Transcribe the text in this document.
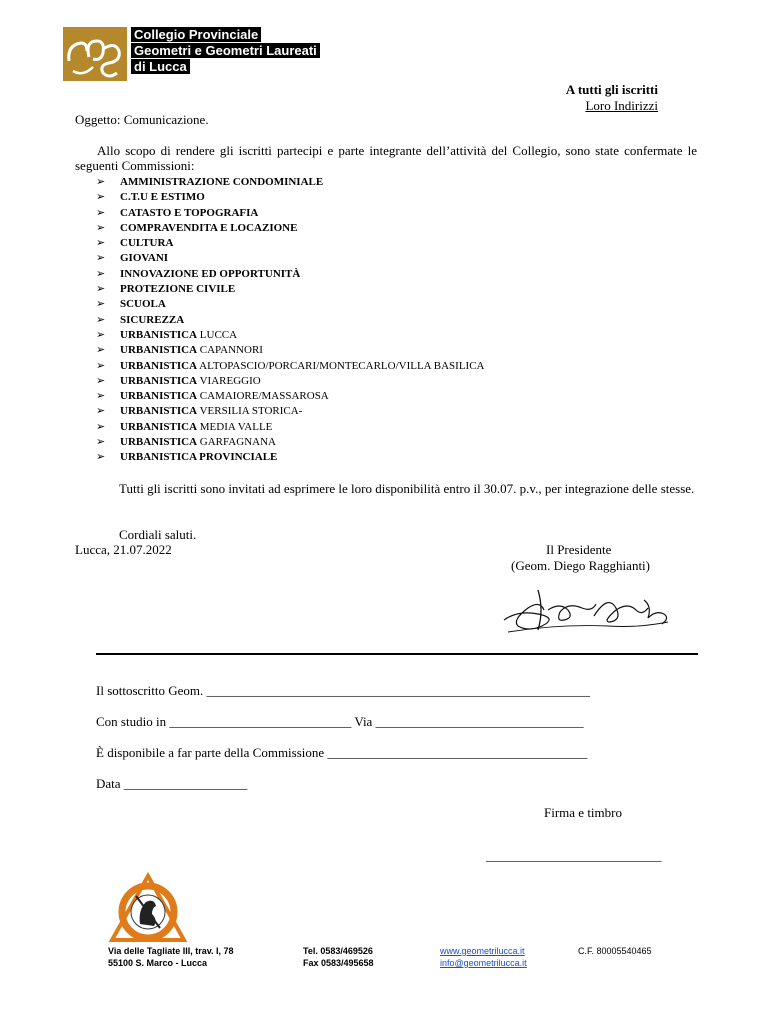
Collegio Provinciale
Geometri e Geometri Laureati
di Lucca
A tutti gli iscritti
Loro Indirizzi
Oggetto: Comunicazione.
Allo scopo di rendere gli iscritti partecipi e parte integrante dell’attività del Collegio, sono state confermate le seguenti Commissioni:
➢ AMMINISTRAZIONE CONDOMINIALE
➢ C.T.U E ESTIMO
➢ CATASTO E TOPOGRAFIA
➢ COMPRAVENDITA E LOCAZIONE
➢ CULTURA
➢ GIOVANI
➢ INNOVAZIONE ED OPPORTUNITÀ
➢ PROTEZIONE CIVILE
➢ SCUOLA
➢ SICUREZZA
➢ URBANISTICA LUCCA
➢ URBANISTICA CAPANNORI
➢ URBANISTICA ALTOPASCIO/PORCARI/MONTECARLO/VILLA BASILICA
➢ URBANISTICA VIAREGGIO
➢ URBANISTICA CAMAIORE/MASSAROSA
➢ URBANISTICA VERSILIA STORICA-
➢ URBANISTICA MEDIA VALLE
➢ URBANISTICA GARFAGNANA
➢ URBANISTICA PROVINCIALE
Tutti gli iscritti sono invitati ad esprimere le loro disponibilità entro il 30.07. p.v., per integrazione delle stesse.
Cordiali saluti.
Lucca, 21.07.2022	Il Presidente
(Geom. Diego Ragghianti)
Il sottoscritto Geom. ___________________________________________________________
Con studio in ____________________________ Via ________________________________
È disponibile a far parte della Commissione ________________________________________
Data ___________________
Firma e timbro
___________________________
Via delle Tagliate III, trav. I, 78
55100 S. Marco - Lucca
Tel. 0583/469526
Fax 0583/495658
www.geometrilucca.it
info@geometrilucca.it
C.F. 80005540465
